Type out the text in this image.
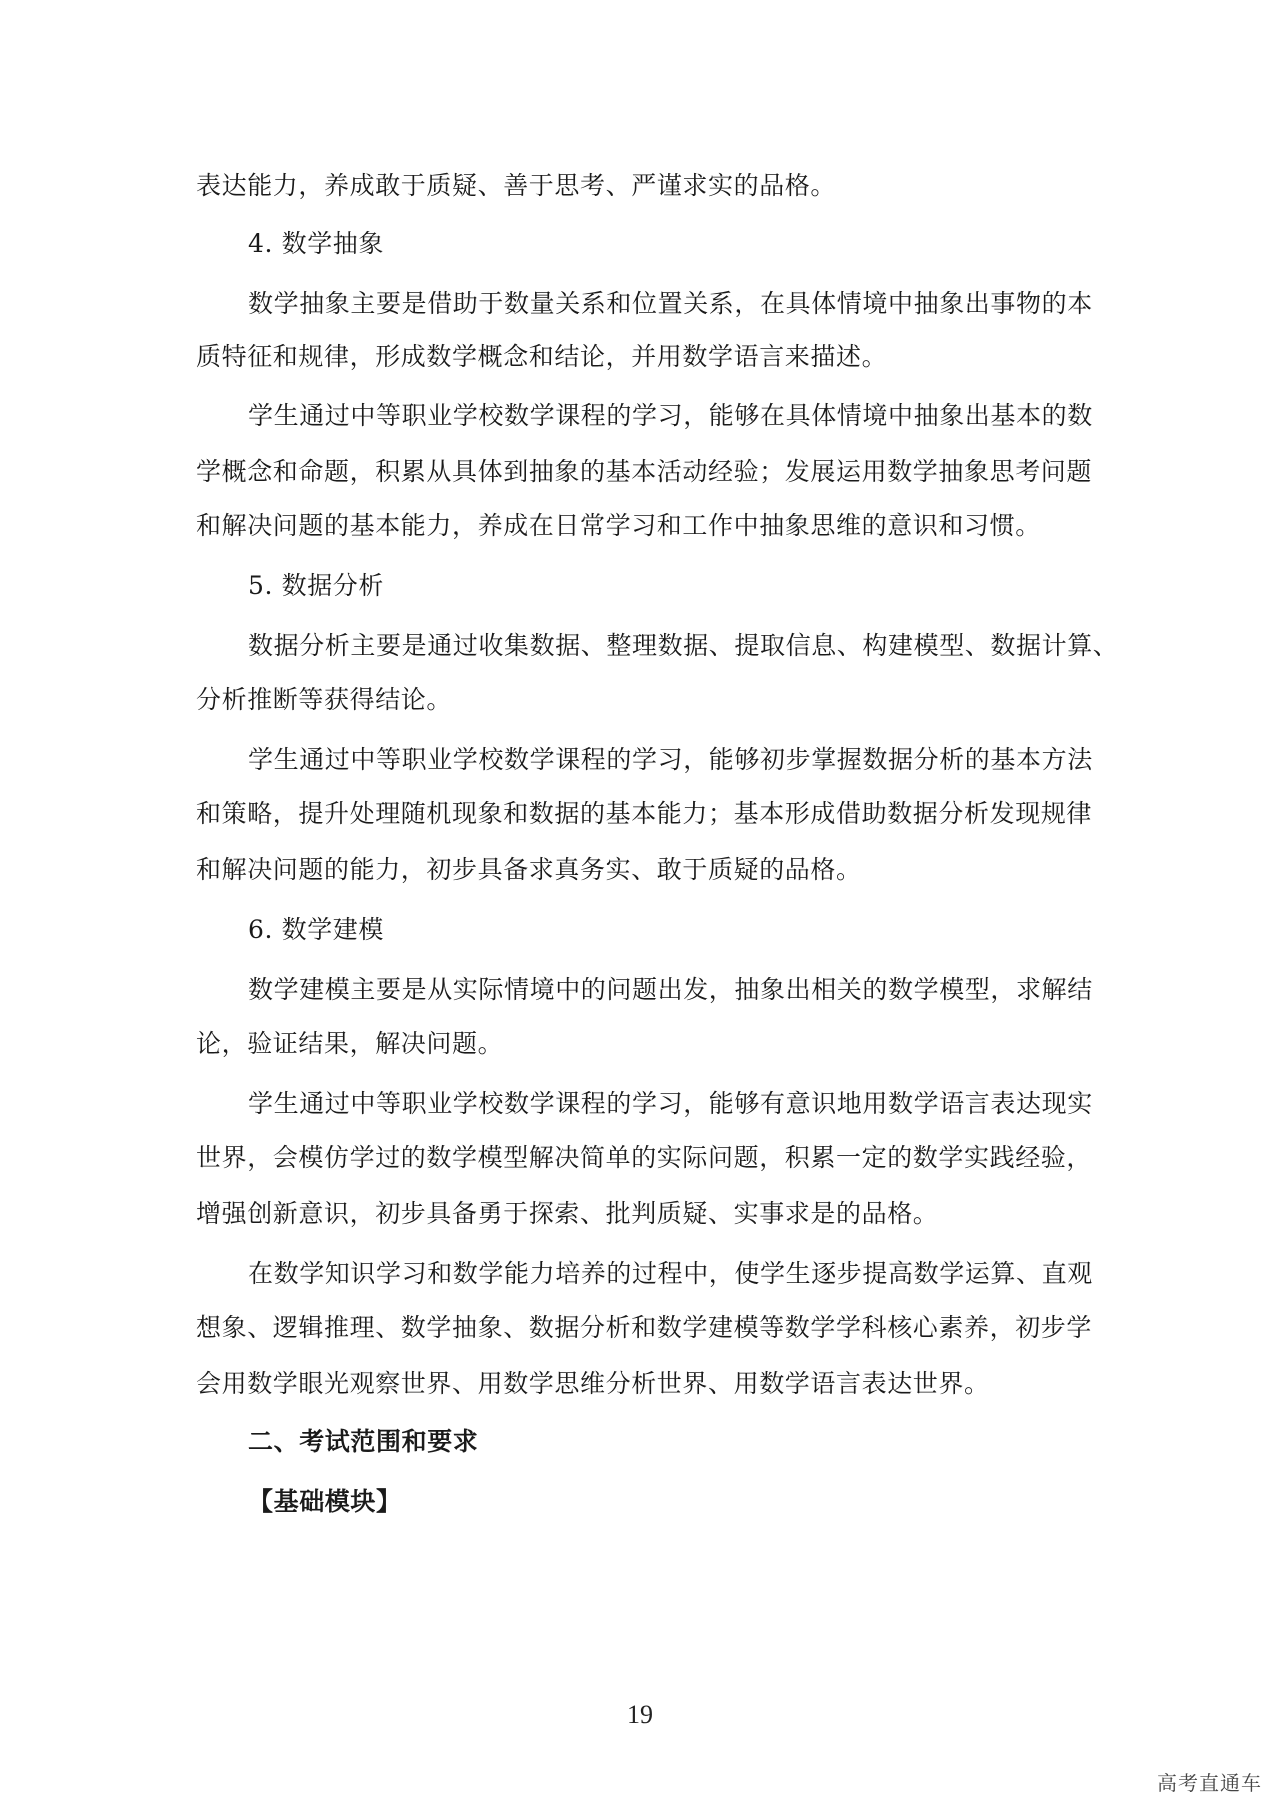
表达能力，养成敢于质疑、善于思考、严谨求实的品格。
4. 数学抽象
数学抽象主要是借助于数量关系和位置关系，在具体情境中抽象出事物的本
质特征和规律，形成数学概念和结论，并用数学语言来描述。
学生通过中等职业学校数学课程的学习，能够在具体情境中抽象出基本的数
学概念和命题，积累从具体到抽象的基本活动经验；发展运用数学抽象思考问题
和解决问题的基本能力，养成在日常学习和工作中抽象思维的意识和习惯。
5. 数据分析
数据分析主要是通过收集数据、整理数据、提取信息、构建模型、数据计算、
分析推断等获得结论。
学生通过中等职业学校数学课程的学习，能够初步掌握数据分析的基本方法
和策略，提升处理随机现象和数据的基本能力；基本形成借助数据分析发现规律
和解决问题的能力，初步具备求真务实、敢于质疑的品格。
6. 数学建模
数学建模主要是从实际情境中的问题出发，抽象出相关的数学模型，求解结
论，验证结果，解决问题。
学生通过中等职业学校数学课程的学习，能够有意识地用数学语言表达现实
世界，会模仿学过的数学模型解决简单的实际问题，积累一定的数学实践经验，
增强创新意识，初步具备勇于探索、批判质疑、实事求是的品格。
在数学知识学习和数学能力培养的过程中，使学生逐步提高数学运算、直观
想象、逻辑推理、数学抽象、数据分析和数学建模等数学学科核心素养，初步学
会用数学眼光观察世界、用数学思维分析世界、用数学语言表达世界。
二、考试范围和要求
【基础模块】
19
高考直通车
